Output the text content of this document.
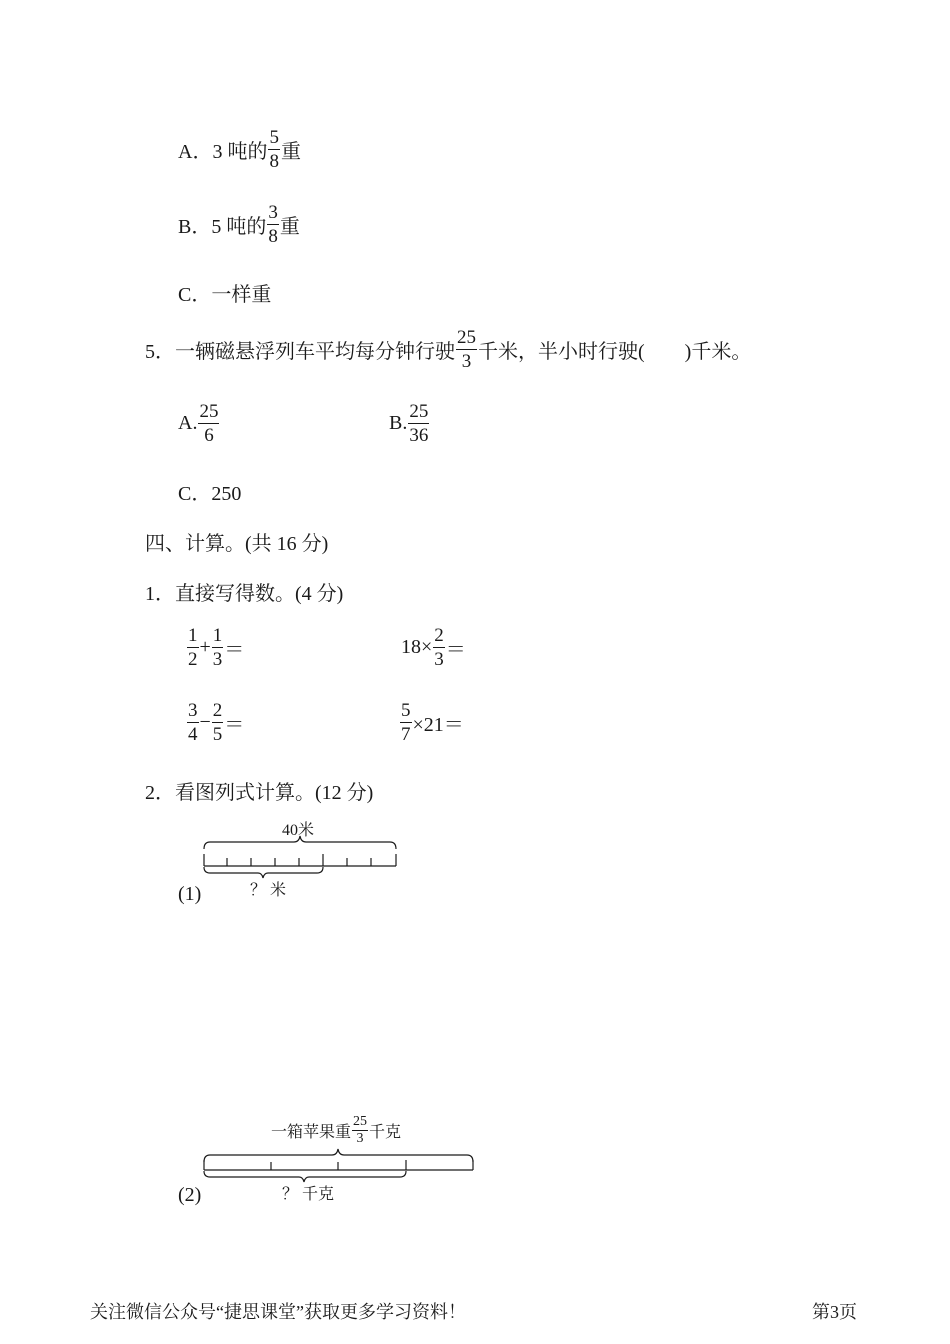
A．3 吨的 $\frac{5}{8}$ 重
B．5 吨的 $\frac{3}{8}$ 重
C．一样重
5．一辆磁悬浮列车平均每分钟行驶 $\frac{25}{3}$ 千米，半小时行驶(　　)千米。
A. $\frac{25}{6}$	B. $\frac{25}{36}$
C．250
四、计算。(共 16 分)
1．直接写得数。(4 分)
$\frac{1}{2} + \frac{1}{3}$ ＝	$18\times \frac{2}{3}$ ＝
$\frac{3}{4} - \frac{2}{5}$ ＝	$\frac{5}{7} \times 21=$
2．看图列式计算。(12 分)
40米
？ 米
(1)
一箱苹果重 $\frac{25}{3}$ 千克
？ 千克
(2)
关注微信公众号“捷思课堂”获取更多学习资料！	第3页
